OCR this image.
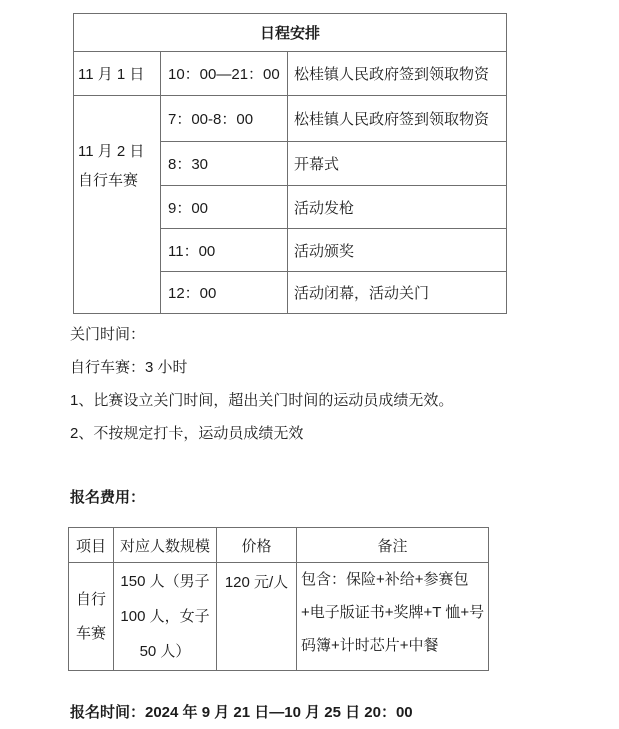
日程安排		
11 月 1 日	10：00—21：00	松桂镇人民政府签到领取物资

11 月 2 日
自行车赛	7：00-8：00	松桂镇人民政府签到领取物资
	8：30	开幕式
	9：00	活动发枪
	11：00	活动颁奖
	12：00	活动闭幕，活动关门

关门时间：

自行车赛：3 小时

1、比赛设立关门时间，超出关门时间的运动员成绩无效。

2、不按规定打卡，运动员成绩无效

报名费用：

项目	对应人数规模	价格	备注

自行
车赛	150 人（男子 100 人，女子 50 人）	120 元/人	包含：保险+补给+参赛包+电子版证书+奖牌+T 恤+号码簿+计时芯片+中餐

报名时间：2024 年 9 月 21 日—10 月 25 日 20：00
